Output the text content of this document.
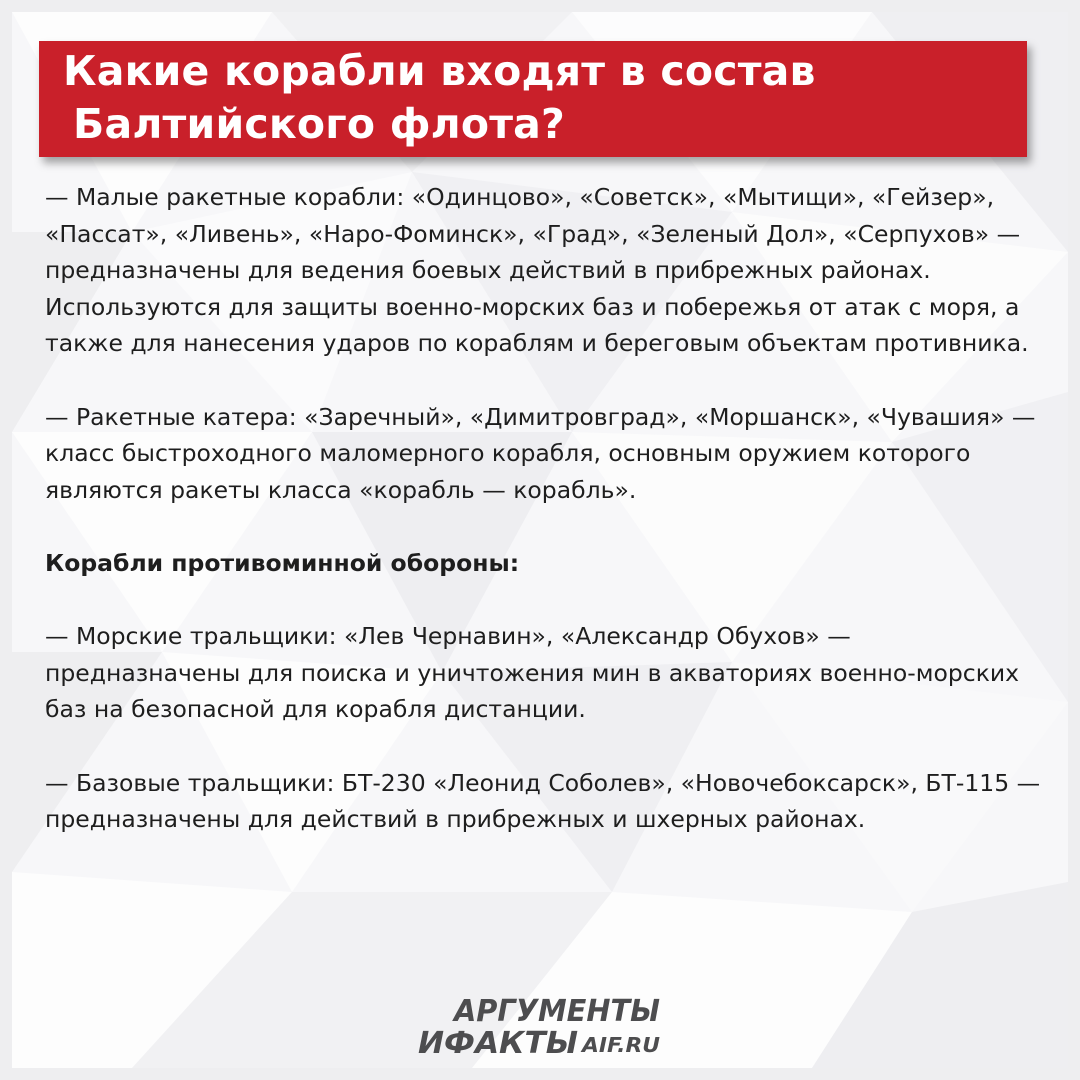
Какие корабли входят в состав
Балтийского флота?

— Малые ракетные корабли: «Одинцово», «Советск», «Мытищи», «Гейзер», «Пассат», «Ливень», «Наро-Фоминск», «Град», «Зеленый Дол», «Серпухов» — предназначены для ведения боевых действий в прибрежных районах. Используются для защиты военно-морских баз и побережья от атак с моря, а также для нанесения ударов по кораблям и береговым объектам противника.

— Ракетные катера: «Заречный», «Димитровград», «Моршанск», «Чувашия» — класс быстроходного маломерного корабля, основным оружием которого являются ракеты класса «корабль — корабль».

Корабли противоминной обороны:

— Морские тральщики: «Лев Чернавин», «Александр Обухов» — предназначены для поиска и уничтожения мин в акваториях военно-морских баз на безопасной для корабля дистанции.

— Базовые тральщики: БТ-230 «Леонид Соболев», «Новочебоксарск», БТ-115 — предназначены для действий в прибрежных и шхерных районах.

АРГУМЕНТЫ
ИФАКТЫ AIF.RU
